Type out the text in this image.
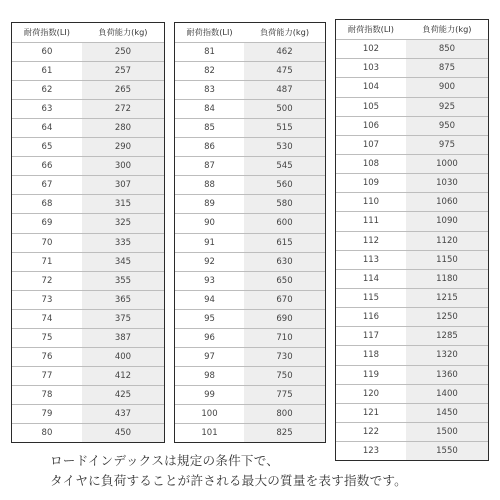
耐荷指数(LI)	負荷能力(kg)
60	250
61	257
62	265
63	272
64	280
65	290
66	300
67	307
68	315
69	325
70	335
71	345
72	355
73	365
74	375
75	387
76	400
77	412
78	425
79	437
80	450
耐荷指数(LI)	負荷能力(kg)
81	462
82	475
83	487
84	500
85	515
86	530
87	545
88	560
89	580
90	600
91	615
92	630
93	650
94	670
95	690
96	710
97	730
98	750
99	775
100	800
101	825
耐荷指数(LI)	負荷能力(kg)
102	850
103	875
104	900
105	925
106	950
107	975
108	1000
109	1030
110	1060
111	1090
112	1120
113	1150
114	1180
115	1215
116	1250
117	1285
118	1320
119	1360
120	1400
121	1450
122	1500
123	1550
ロードインデックスは規定の条件下で、
タイヤに負荷することが許される最大の質量を表す指数です。
